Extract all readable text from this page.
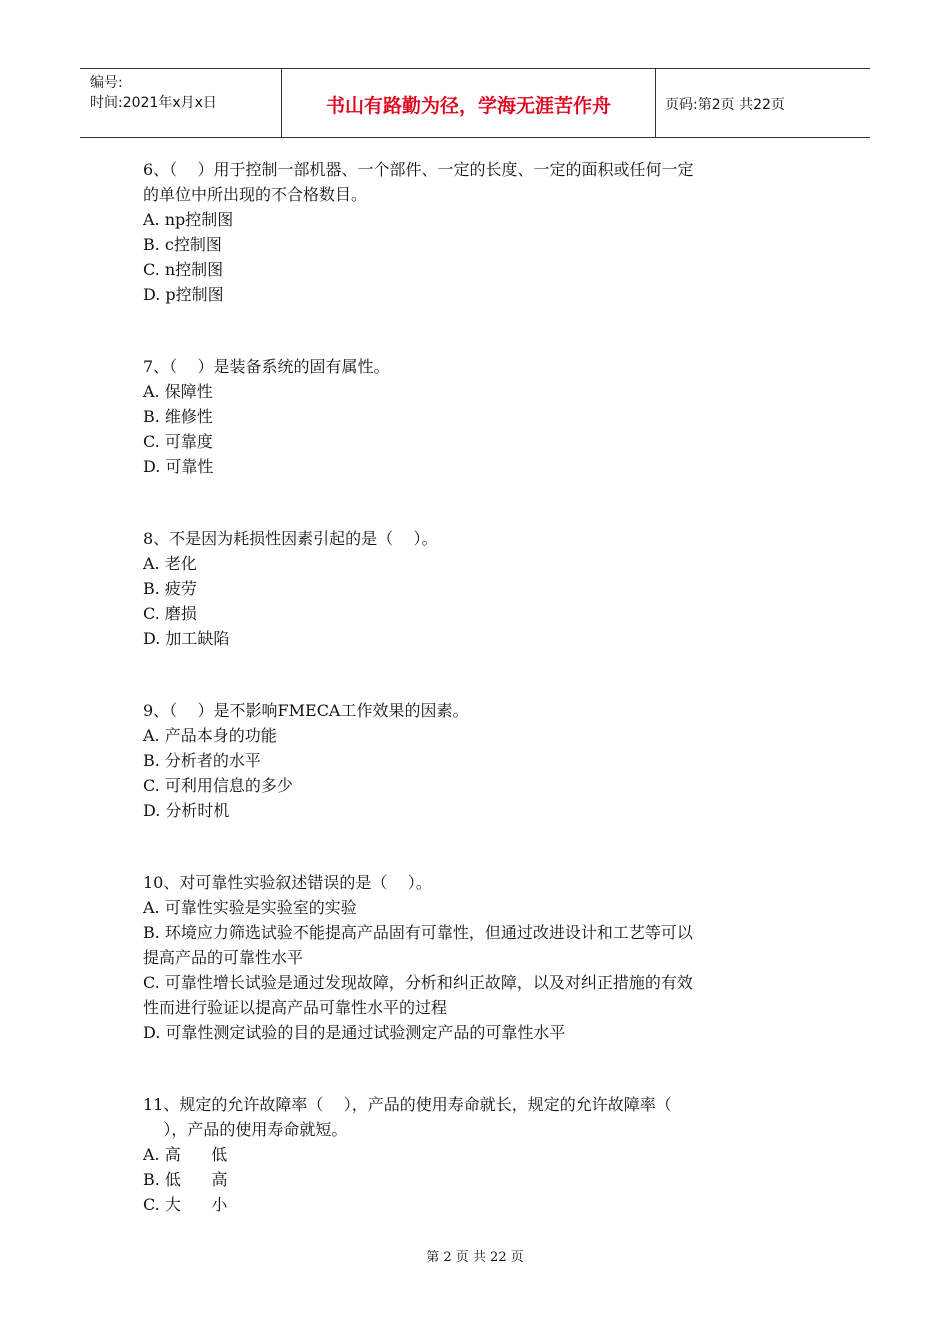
编号:
时间:2021年x月x日	书山有路勤为径，学海无涯苦作舟	页码:第2页 共22页
6、（    ）用于控制一部机器、一个部件、一定的长度、一定的面积或任何一定
的单位中所出现的不合格数目。
A. np控制图
B. c控制图
C. n控制图
D. p控制图
7、（    ）是装备系统的固有属性。
A. 保障性
B. 维修性
C. 可靠度
D. 可靠性
8、不是因为耗损性因素引起的是（    ）。
A. 老化
B. 疲劳
C. 磨损
D. 加工缺陷
9、（    ）是不影响FMECA工作效果的因素。
A. 产品本身的功能
B. 分析者的水平
C. 可利用信息的多少
D. 分析时机
10、对可靠性实验叙述错误的是（    ）。
A. 可靠性实验是实验室的实验
B. 环境应力筛选试验不能提高产品固有可靠性，但通过改进设计和工艺等可以
提高产品的可靠性水平
C. 可靠性增长试验是通过发现故障，分析和纠正故障，以及对纠正措施的有效
性而进行验证以提高产品可靠性水平的过程
D. 可靠性测定试验的目的是通过试验测定产品的可靠性水平
11、规定的允许故障率（    ），产品的使用寿命就长，规定的允许故障率（
），产品的使用寿命就短。
A. 高      低
B. 低      高
C. 大      小
第 2 页 共 22 页
